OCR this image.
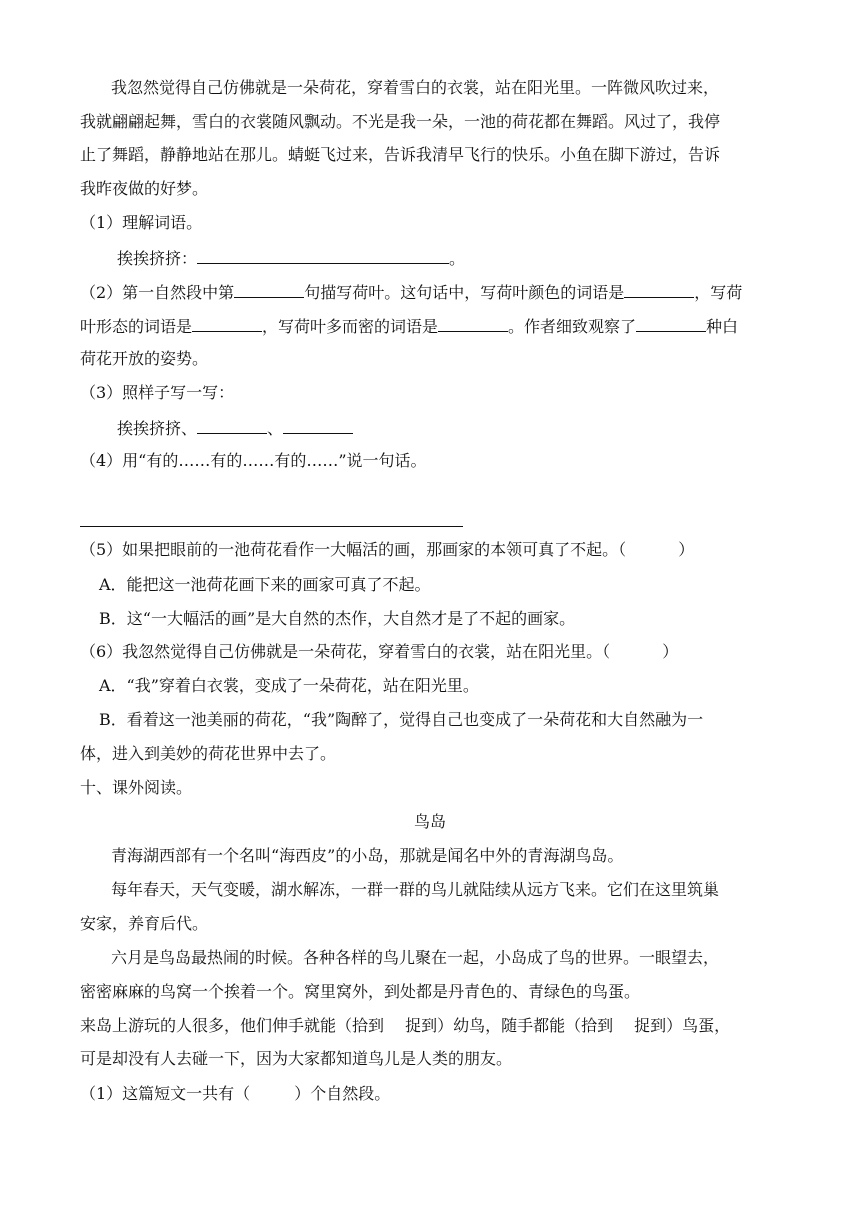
我忽然觉得自己仿佛就是一朵荷花，穿着雪白的衣裳，站在阳光里。一阵微风吹过来，
我就翩翩起舞，雪白的衣裳随风飘动。不光是我一朵，一池的荷花都在舞蹈。风过了，我停
止了舞蹈，静静地站在那儿。蜻蜓飞过来，告诉我清早飞行的快乐。小鱼在脚下游过，告诉
我昨夜做的好梦。
（1）理解词语。
挨挨挤挤：	。
（2）第一自然段中第	句描写荷叶。这句话中，写荷叶颜色的词语是	，写荷
叶形态的词语是	，写荷叶多而密的词语是	。作者细致观察了	种白
荷花开放的姿势。
（3）照样子写一写：
挨挨挤挤、	、
（4）用“有的……有的……有的……”说一句话。
（5）如果把眼前的一池荷花看作一大幅活的画，那画家的本领可真了不起。（	）
A．能把这一池荷花画下来的画家可真了不起。
B．这“一大幅活的画”是大自然的杰作，大自然才是了不起的画家。
（6）我忽然觉得自己仿佛就是一朵荷花，穿着雪白的衣裳，站在阳光里。（	）
A．“我”穿着白衣裳，变成了一朵荷花，站在阳光里。
B．看着这一池美丽的荷花，“我”陶醉了，觉得自己也变成了一朵荷花和大自然融为一
体，进入到美妙的荷花世界中去了。
十、课外阅读。
鸟岛
青海湖西部有一个名叫“海西皮”的小岛，那就是闻名中外的青海湖鸟岛。
每年春天，天气变暖，湖水解冻，一群一群的鸟儿就陆续从远方飞来。它们在这里筑巢
安家，养育后代。
六月是鸟岛最热闹的时候。各种各样的鸟儿聚在一起，小岛成了鸟的世界。一眼望去，
密密麻麻的鸟窝一个挨着一个。窝里窝外，到处都是丹青色的、青绿色的鸟蛋。
来岛上游玩的人很多，他们伸手就能（拾到　 捉到）幼鸟，随手都能（拾到　 捉到）鸟蛋，
可是却没有人去碰一下，因为大家都知道鸟儿是人类的朋友。
（1）这篇短文一共有（	）个自然段。
